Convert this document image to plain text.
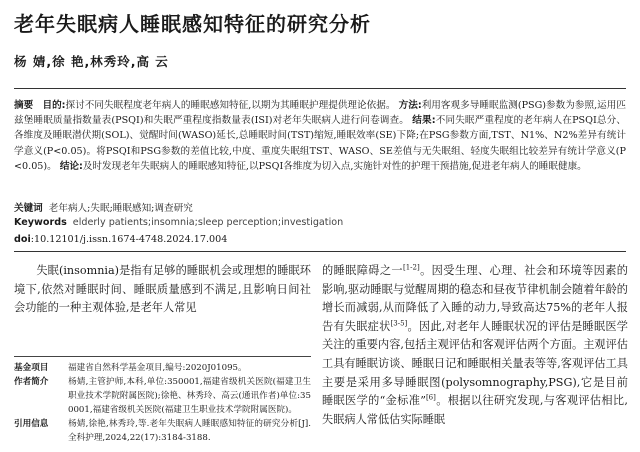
老年失眠病人睡眠感知特征的研究分析
杨 婧,徐 艳,林秀玲,高 云
摘要 目的:探讨不同失眠程度老年病人的睡眠感知特征,以期为其睡眠护理提供理论依据。 方法:利用客观多导睡眠监测(PSG)参数为参照,运用匹兹堡睡眠质量指数量表(PSQI)和失眠严重程度指数量表(ISI)对老年失眠病人进行问卷调查。 结果:不同失眠严重程度的老年病人在PSQI总分、各维度及睡眠潜伏期(SOL)、觉醒时间(WASO)延长,总睡眠时间(TST)缩短,睡眠效率(SE)下降;在PSG参数方面,TST、N1%、N2%差异有统计学意义(P<0.05)。将PSQI和PSG参数的差值比较,中度、重度失眠组TST、WASO、SE差值与无失眠组、轻度失眠组比较差异有统计学意义(P<0.05)。 结论:及时发现老年失眠病人的睡眠感知特征,以PSQI各维度为切入点,实施针对性的护理干预措施,促进老年病人的睡眠健康。
关键词 老年病人;失眠;睡眠感知;调查研究
Keywords elderly patients;insomnia;sleep perception;investigation
doi:10.12101/j.issn.1674-4748.2024.17.004

失眠(insomnia)是指有足够的睡眠机会或理想的睡眠环境下,依然对睡眠时间、睡眠质量感到不满足,且影响日间社会功能的一种主观体验,是老年人常见

的睡眠障碍之一[1-2]。因受生理、心理、社会和环境等因素的影响,驱动睡眠与觉醒周期的稳态和昼夜节律机制会随着年龄的增长而减弱,从而降低了入睡的动力,导致高达75%的老年人报告有失眠症状[3-5]。因此,对老年人睡眠状况的评估是睡眠医学关注的重要内容,包括主观评估和客观评估两个方面。主观评估工具有睡眠访谈、睡眠日记和睡眠相关量表等等,客观评估工具主要是采用多导睡眠图(polysomnography,PSG),它是目前睡眠医学的“金标准”[6]。根据以往研究发现,与客观评估相比,失眠病人常低估实际睡眠

基金项目 福建省自然科学基金项目,编号:2020J01095。
作者简介 杨婧,主管护师,本科,单位:350001,福建省级机关医院(福建卫生职业技术学院附属医院);徐艳、林秀玲、高云(通讯作者)单位:350001,福建省级机关医院(福建卫生职业技术学院附属医院)。
引用信息 杨婧,徐艳,林秀玲,等.老年失眠病人睡眠感知特征的研究分析[J].全科护理,2024,22(17):3184-3188.
